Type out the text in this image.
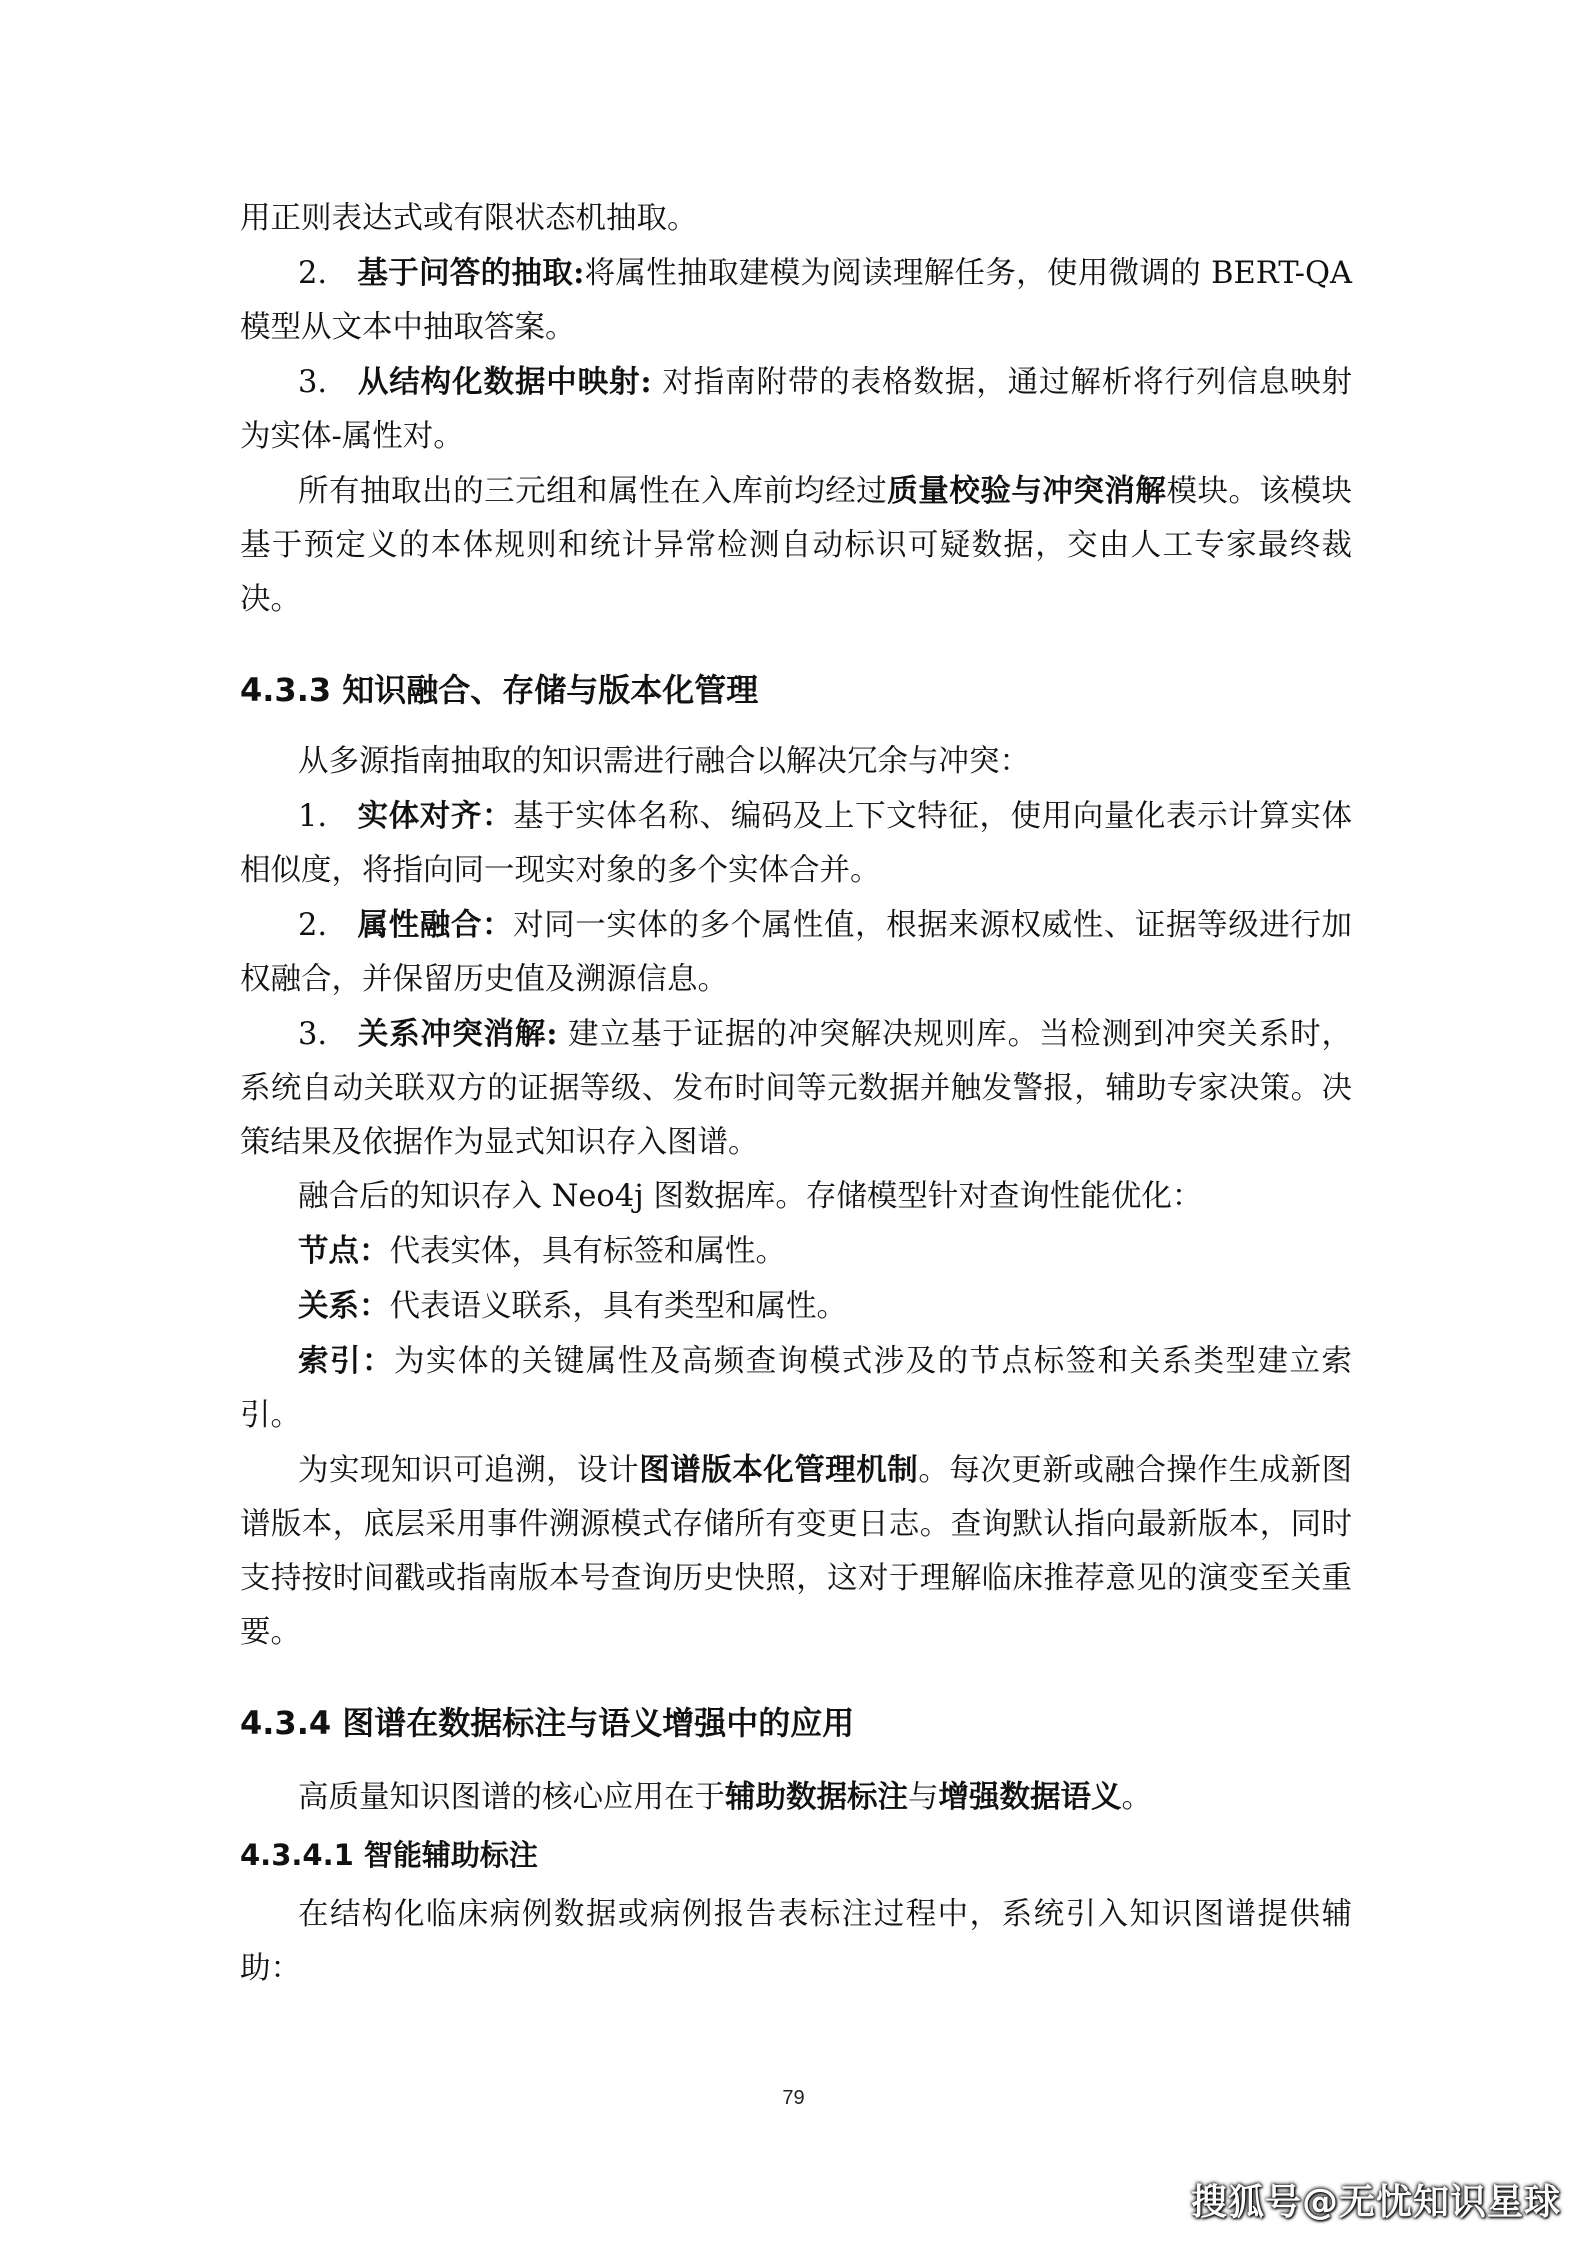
用正则表达式或有限状态机抽取。

2. 基于问答的抽取:将属性抽取建模为阅读理解任务，使用微调的 BERT-QA 模型从文本中抽取答案。

3. 从结构化数据中映射: 对指南附带的表格数据，通过解析将行列信息映射为实体-属性对。

所有抽取出的三元组和属性在入库前均经过质量校验与冲突消解模块。该模块基于预定义的本体规则和统计异常检测自动标识可疑数据，交由人工专家最终裁决。

4.3.3 知识融合、存储与版本化管理

从多源指南抽取的知识需进行融合以解决冗余与冲突：

1. 实体对齐：基于实体名称、编码及上下文特征，使用向量化表示计算实体相似度，将指向同一现实对象的多个实体合并。

2. 属性融合：对同一实体的多个属性值，根据来源权威性、证据等级进行加权融合，并保留历史值及溯源信息。

3. 关系冲突消解: 建立基于证据的冲突解决规则库。当检测到冲突关系时，系统自动关联双方的证据等级、发布时间等元数据并触发警报，辅助专家决策。决策结果及依据作为显式知识存入图谱。

融合后的知识存入 Neo4j 图数据库。存储模型针对查询性能优化：

节点：代表实体，具有标签和属性。

关系：代表语义联系，具有类型和属性。

索引：为实体的关键属性及高频查询模式涉及的节点标签和关系类型建立索引。

为实现知识可追溯，设计图谱版本化管理机制。每次更新或融合操作生成新图谱版本，底层采用事件溯源模式存储所有变更日志。查询默认指向最新版本，同时支持按时间戳或指南版本号查询历史快照，这对于理解临床推荐意见的演变至关重要。

4.3.4 图谱在数据标注与语义增强中的应用

高质量知识图谱的核心应用在于辅助数据标注与增强数据语义。

4.3.4.1 智能辅助标注

在结构化临床病例数据或病例报告表标注过程中，系统引入知识图谱提供辅助：

79
搜狐号@无忧知识星球
